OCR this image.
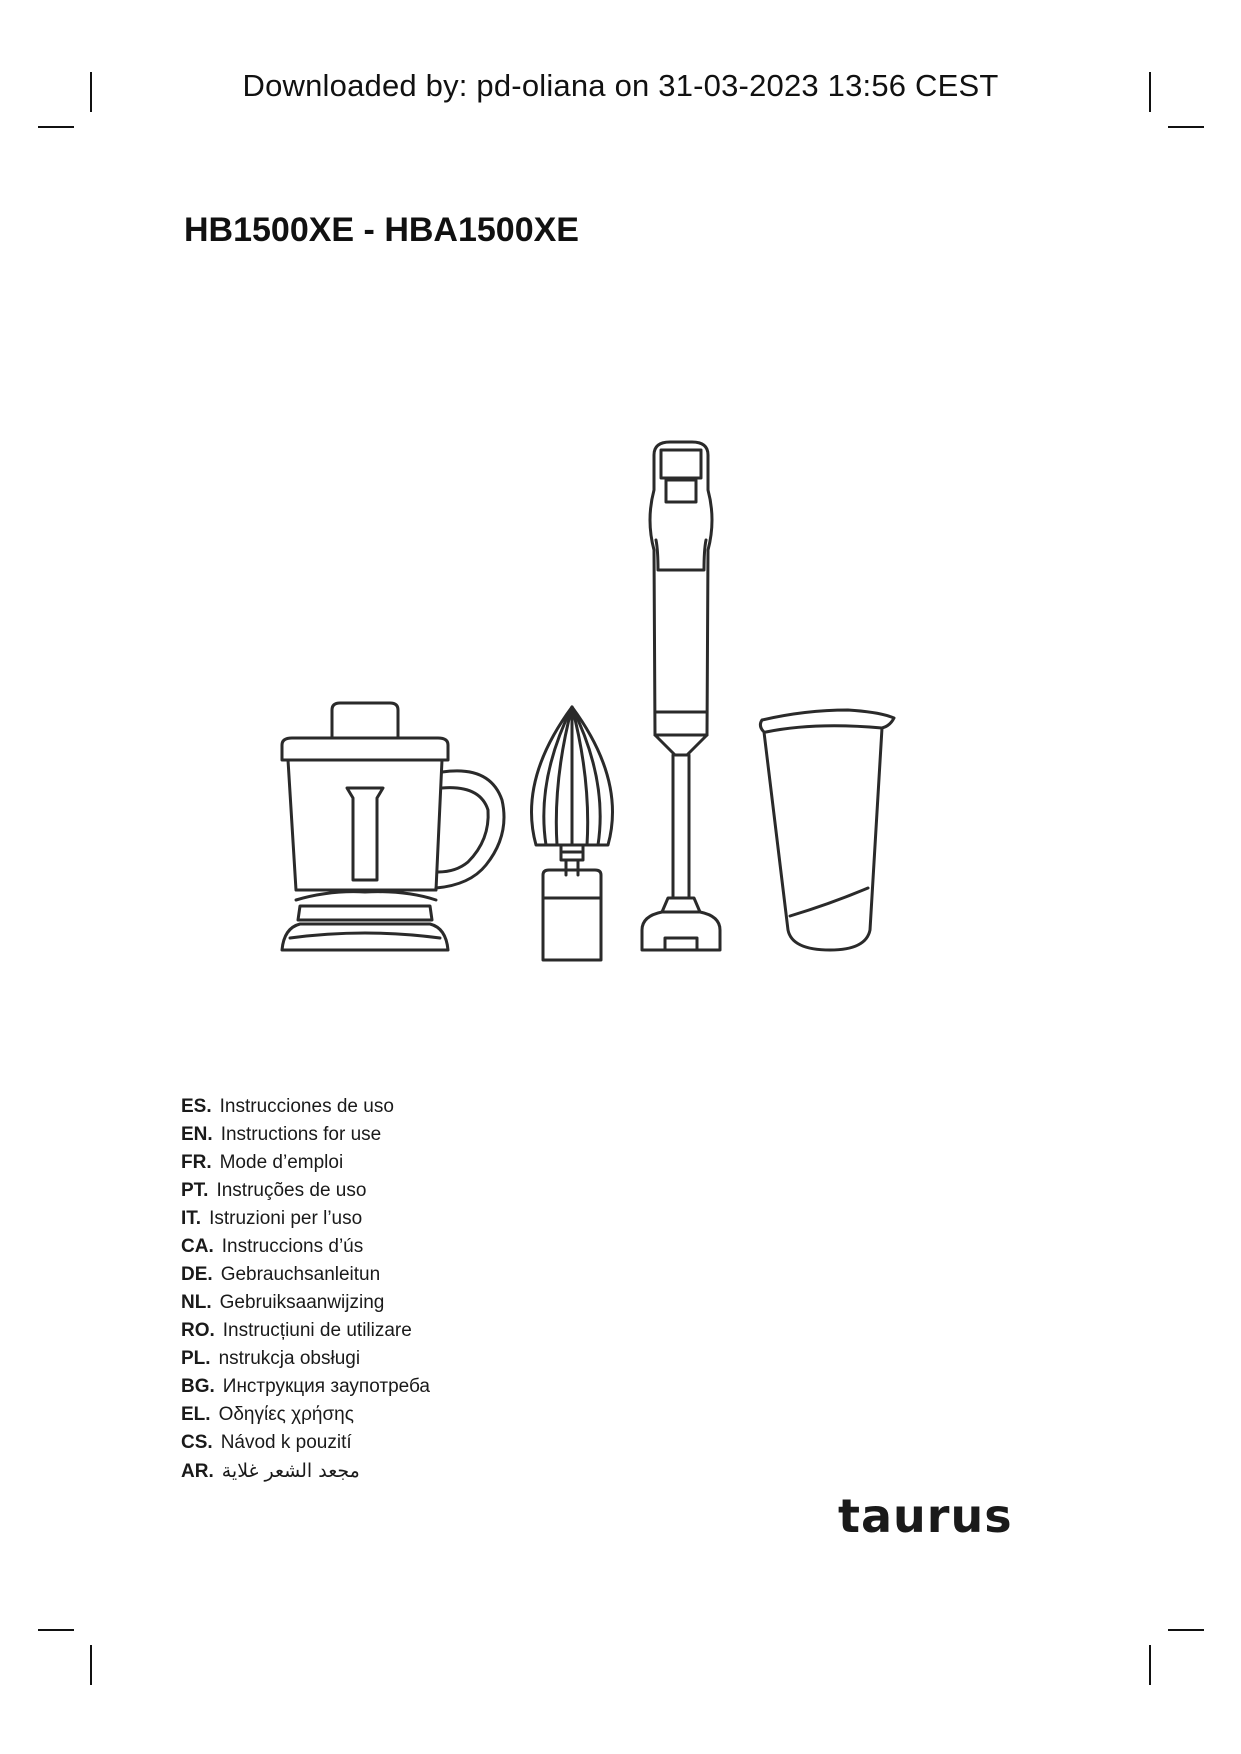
Downloaded by: pd-oliana on 31-03-2023 13:56 CEST
HB1500XE - HBA1500XE
ES. Instrucciones de uso
EN. Instructions for use
FR. Mode d’emploi
PT. Instruções de uso
IT. Istruzioni per l’uso
CA. Instruccions d’ús
DE. Gebrauchsanleitun
NL. Gebruiksaanwijzing
RO. Instrucțiuni de utilizare
PL. nstrukcja obsługi
BG. Инструкция заупотреба
EL. Οδηγίες χρήσης
CS. Návod k pouzití
AR. مجعد الشعر غلاية
taurus
